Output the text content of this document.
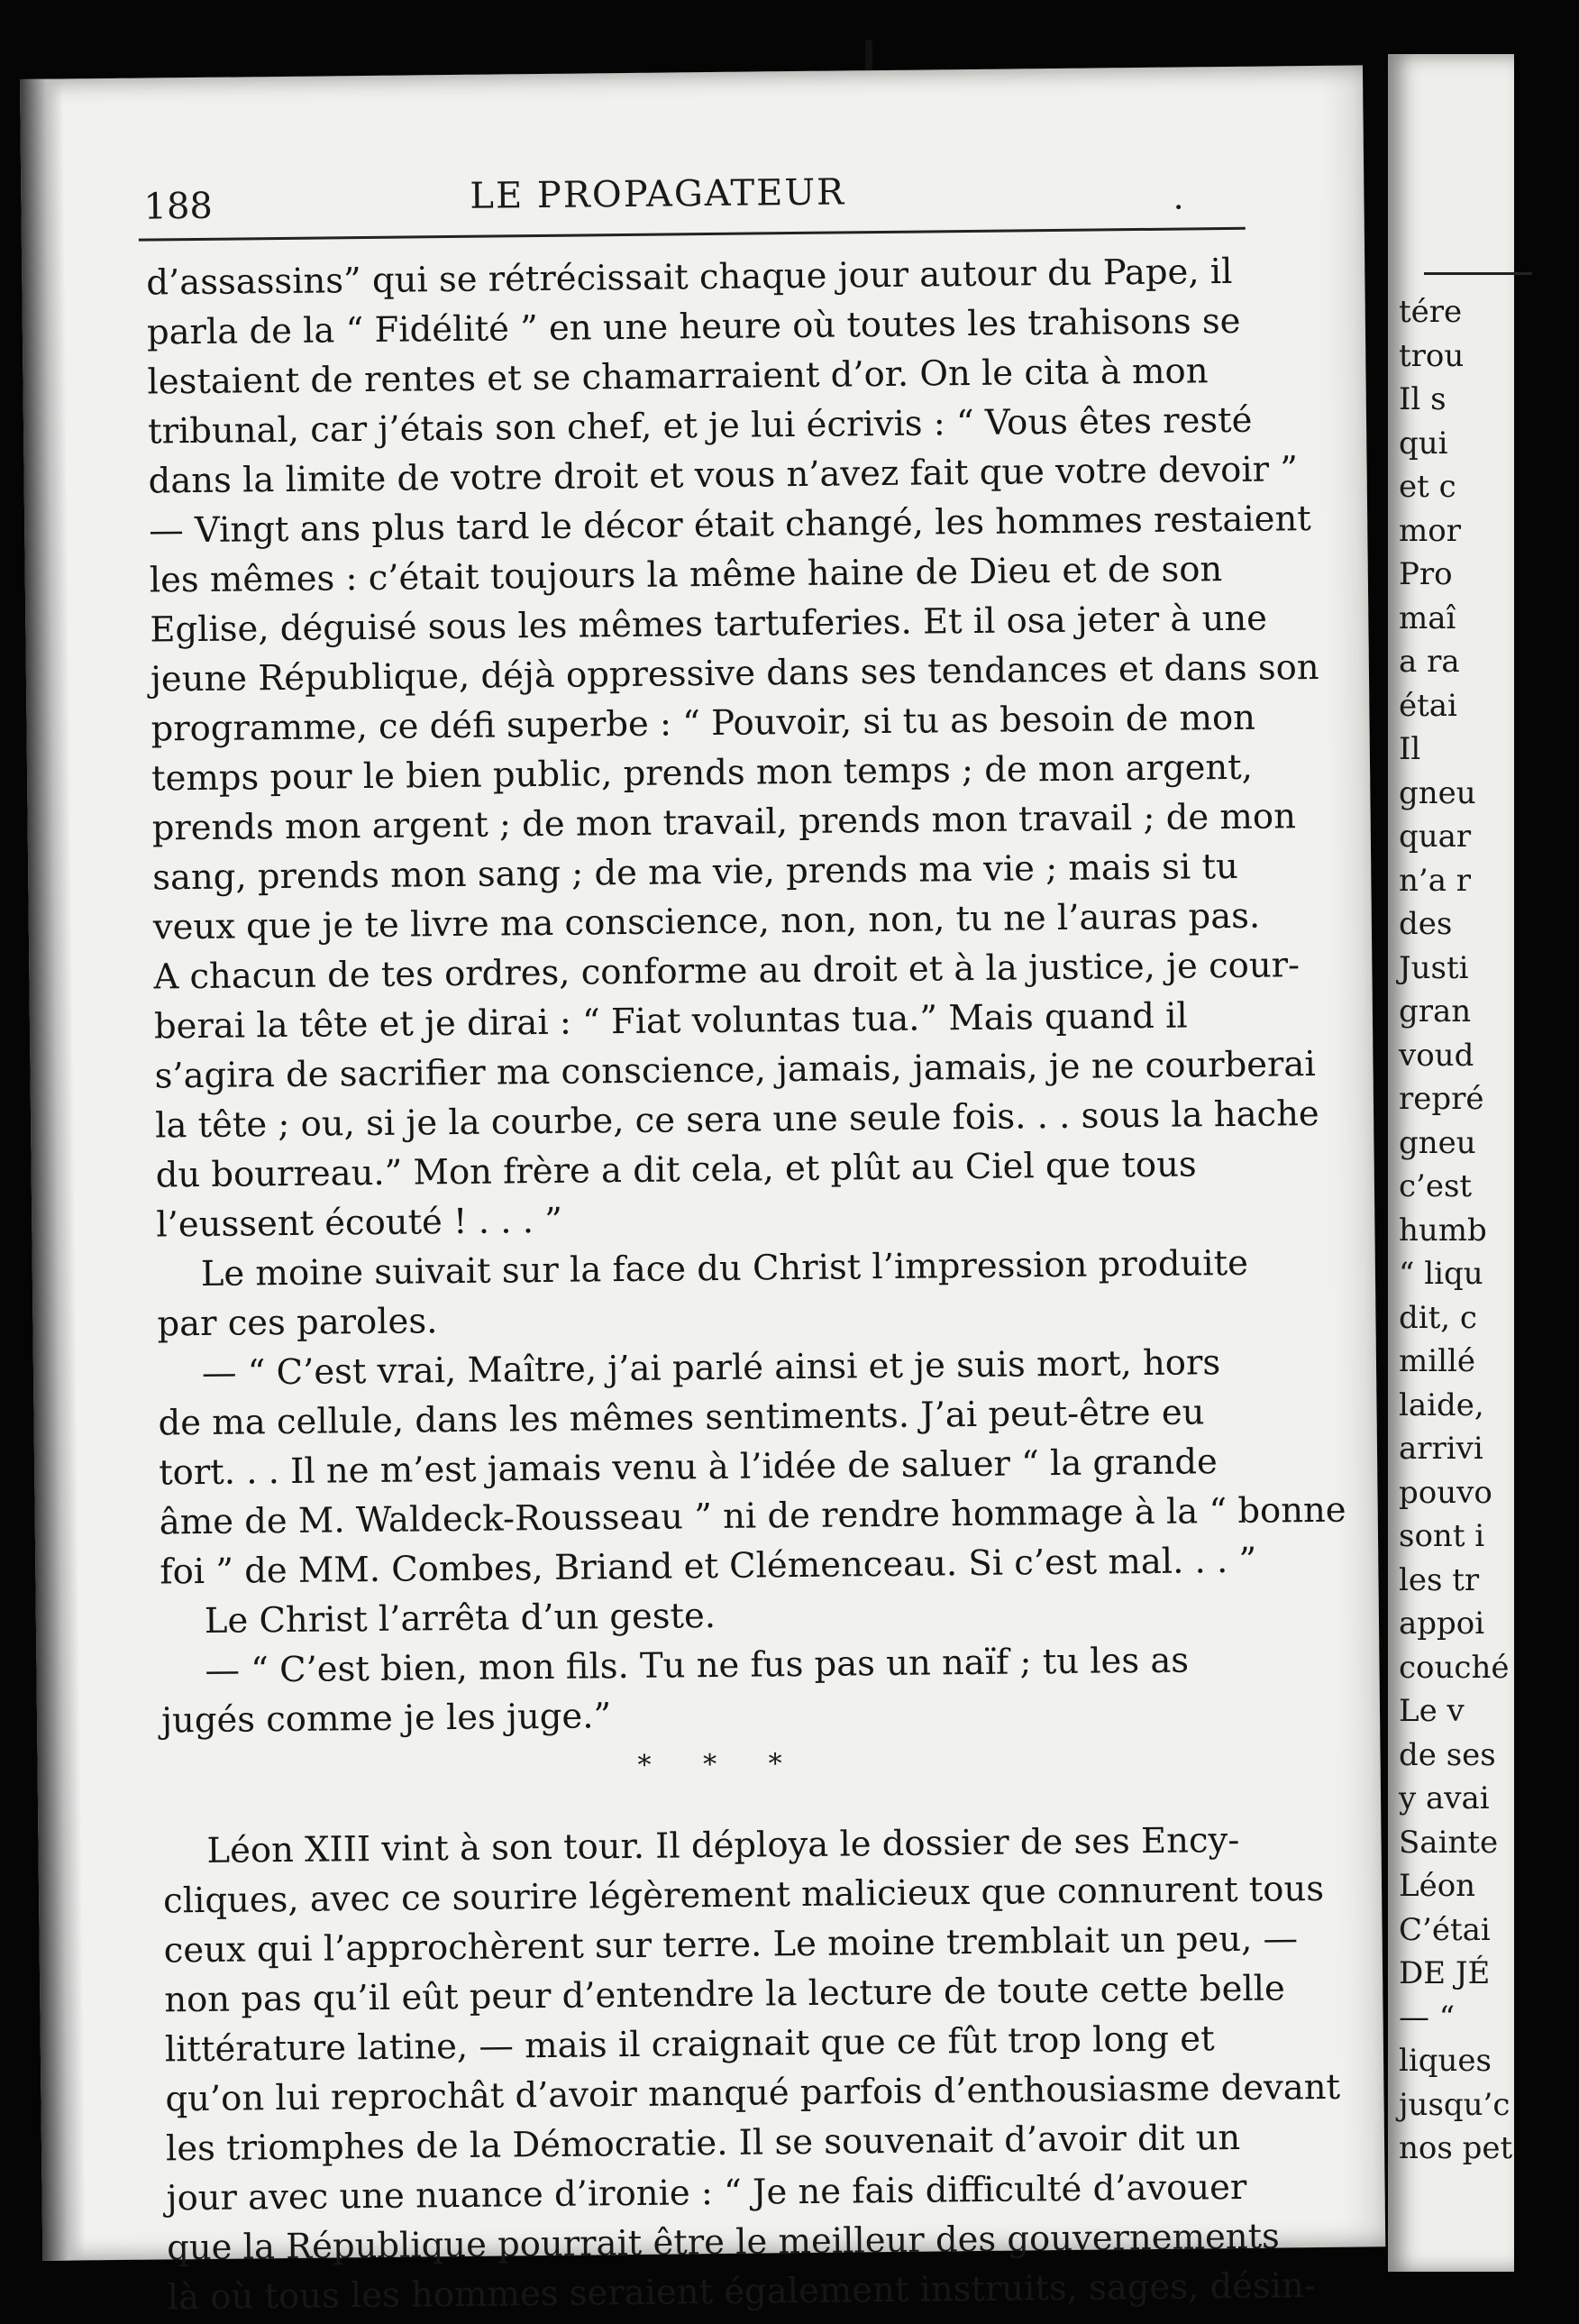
188	LE PROPAGATEUR	.
d’assassins” qui se rétrécissait chaque jour autour du Pape, il
parla de la “ Fidélité ” en une heure où toutes les trahisons se
lestaient de rentes et se chamarraient d’or. On le cita à mon
tribunal, car j’étais son chef, et je lui écrivis : “ Vous êtes resté
dans la limite de votre droit et vous n’avez fait que votre devoir ”
— Vingt ans plus tard le décor était changé, les hommes restaient
les mêmes : c’était toujours la même haine de Dieu et de son
Eglise, déguisé sous les mêmes tartuferies. Et il osa jeter à une
jeune République, déjà oppressive dans ses tendances et dans son
programme, ce défi superbe : “ Pouvoir, si tu as besoin de mon
temps pour le bien public, prends mon temps ; de mon argent,
prends mon argent ; de mon travail, prends mon travail ; de mon
sang, prends mon sang ; de ma vie, prends ma vie ; mais si tu
veux que je te livre ma conscience, non, non, tu ne l’auras pas.
A chacun de tes ordres, conforme au droit et à la justice, je cour-
berai la tête et je dirai : “ Fiat voluntas tua.” Mais quand il
s’agira de sacrifier ma conscience, jamais, jamais, je ne courberai
la tête ; ou, si je la courbe, ce sera une seule fois. . . sous la hache
du bourreau.” Mon frère a dit cela, et plût au Ciel que tous
l’eussent écouté ! . . . ”
Le moine suivait sur la face du Christ l’impression produite
par ces paroles.
— “ C’est vrai, Maître, j’ai parlé ainsi et je suis mort, hors
de ma cellule, dans les mêmes sentiments. J’ai peut-être eu
tort. . . Il ne m’est jamais venu à l’idée de saluer “ la grande
âme de M. Waldeck-Rousseau ” ni de rendre hommage à la “ bonne
foi ” de MM. Combes, Briand et Clémenceau. Si c’est mal. . . ”
Le Christ l’arrêta d’un geste.
— “ C’est bien, mon fils. Tu ne fus pas un naïf ; tu les as
jugés comme je les juge.”
* * *
Léon XIII vint à son tour. Il déploya le dossier de ses Ency-
cliques, avec ce sourire légèrement malicieux que connurent tous
ceux qui l’approchèrent sur terre. Le moine tremblait un peu, —
non pas qu’il eût peur d’entendre la lecture de toute cette belle
littérature latine, — mais il craignait que ce fût trop long et
qu’on lui reprochât d’avoir manqué parfois d’enthousiasme devant
les triomphes de la Démocratie. Il se souvenait d’avoir dit un
jour avec une nuance d’ironie : “ Je ne fais difficulté d’avouer
que la République pourrait être le meilleur des gouvernements
là où tous les hommes seraient également instruits, sages, désin-
tére
trou
Il s
qui
et c
mor
Pro
maî
a ra
étai
Il
gneu
quar
n’a r
des
Justi
gran
voud
repré
gneu
c’est
humb
“ liqu
dit, c
millé
laide,
arrivi
pouvo
sont i
les tr
appoi
couché
Le v
de ses
y avai
Sainte
Léon
C’étai
DE JÉ
— “
liques
jusqu’c
nos pet
